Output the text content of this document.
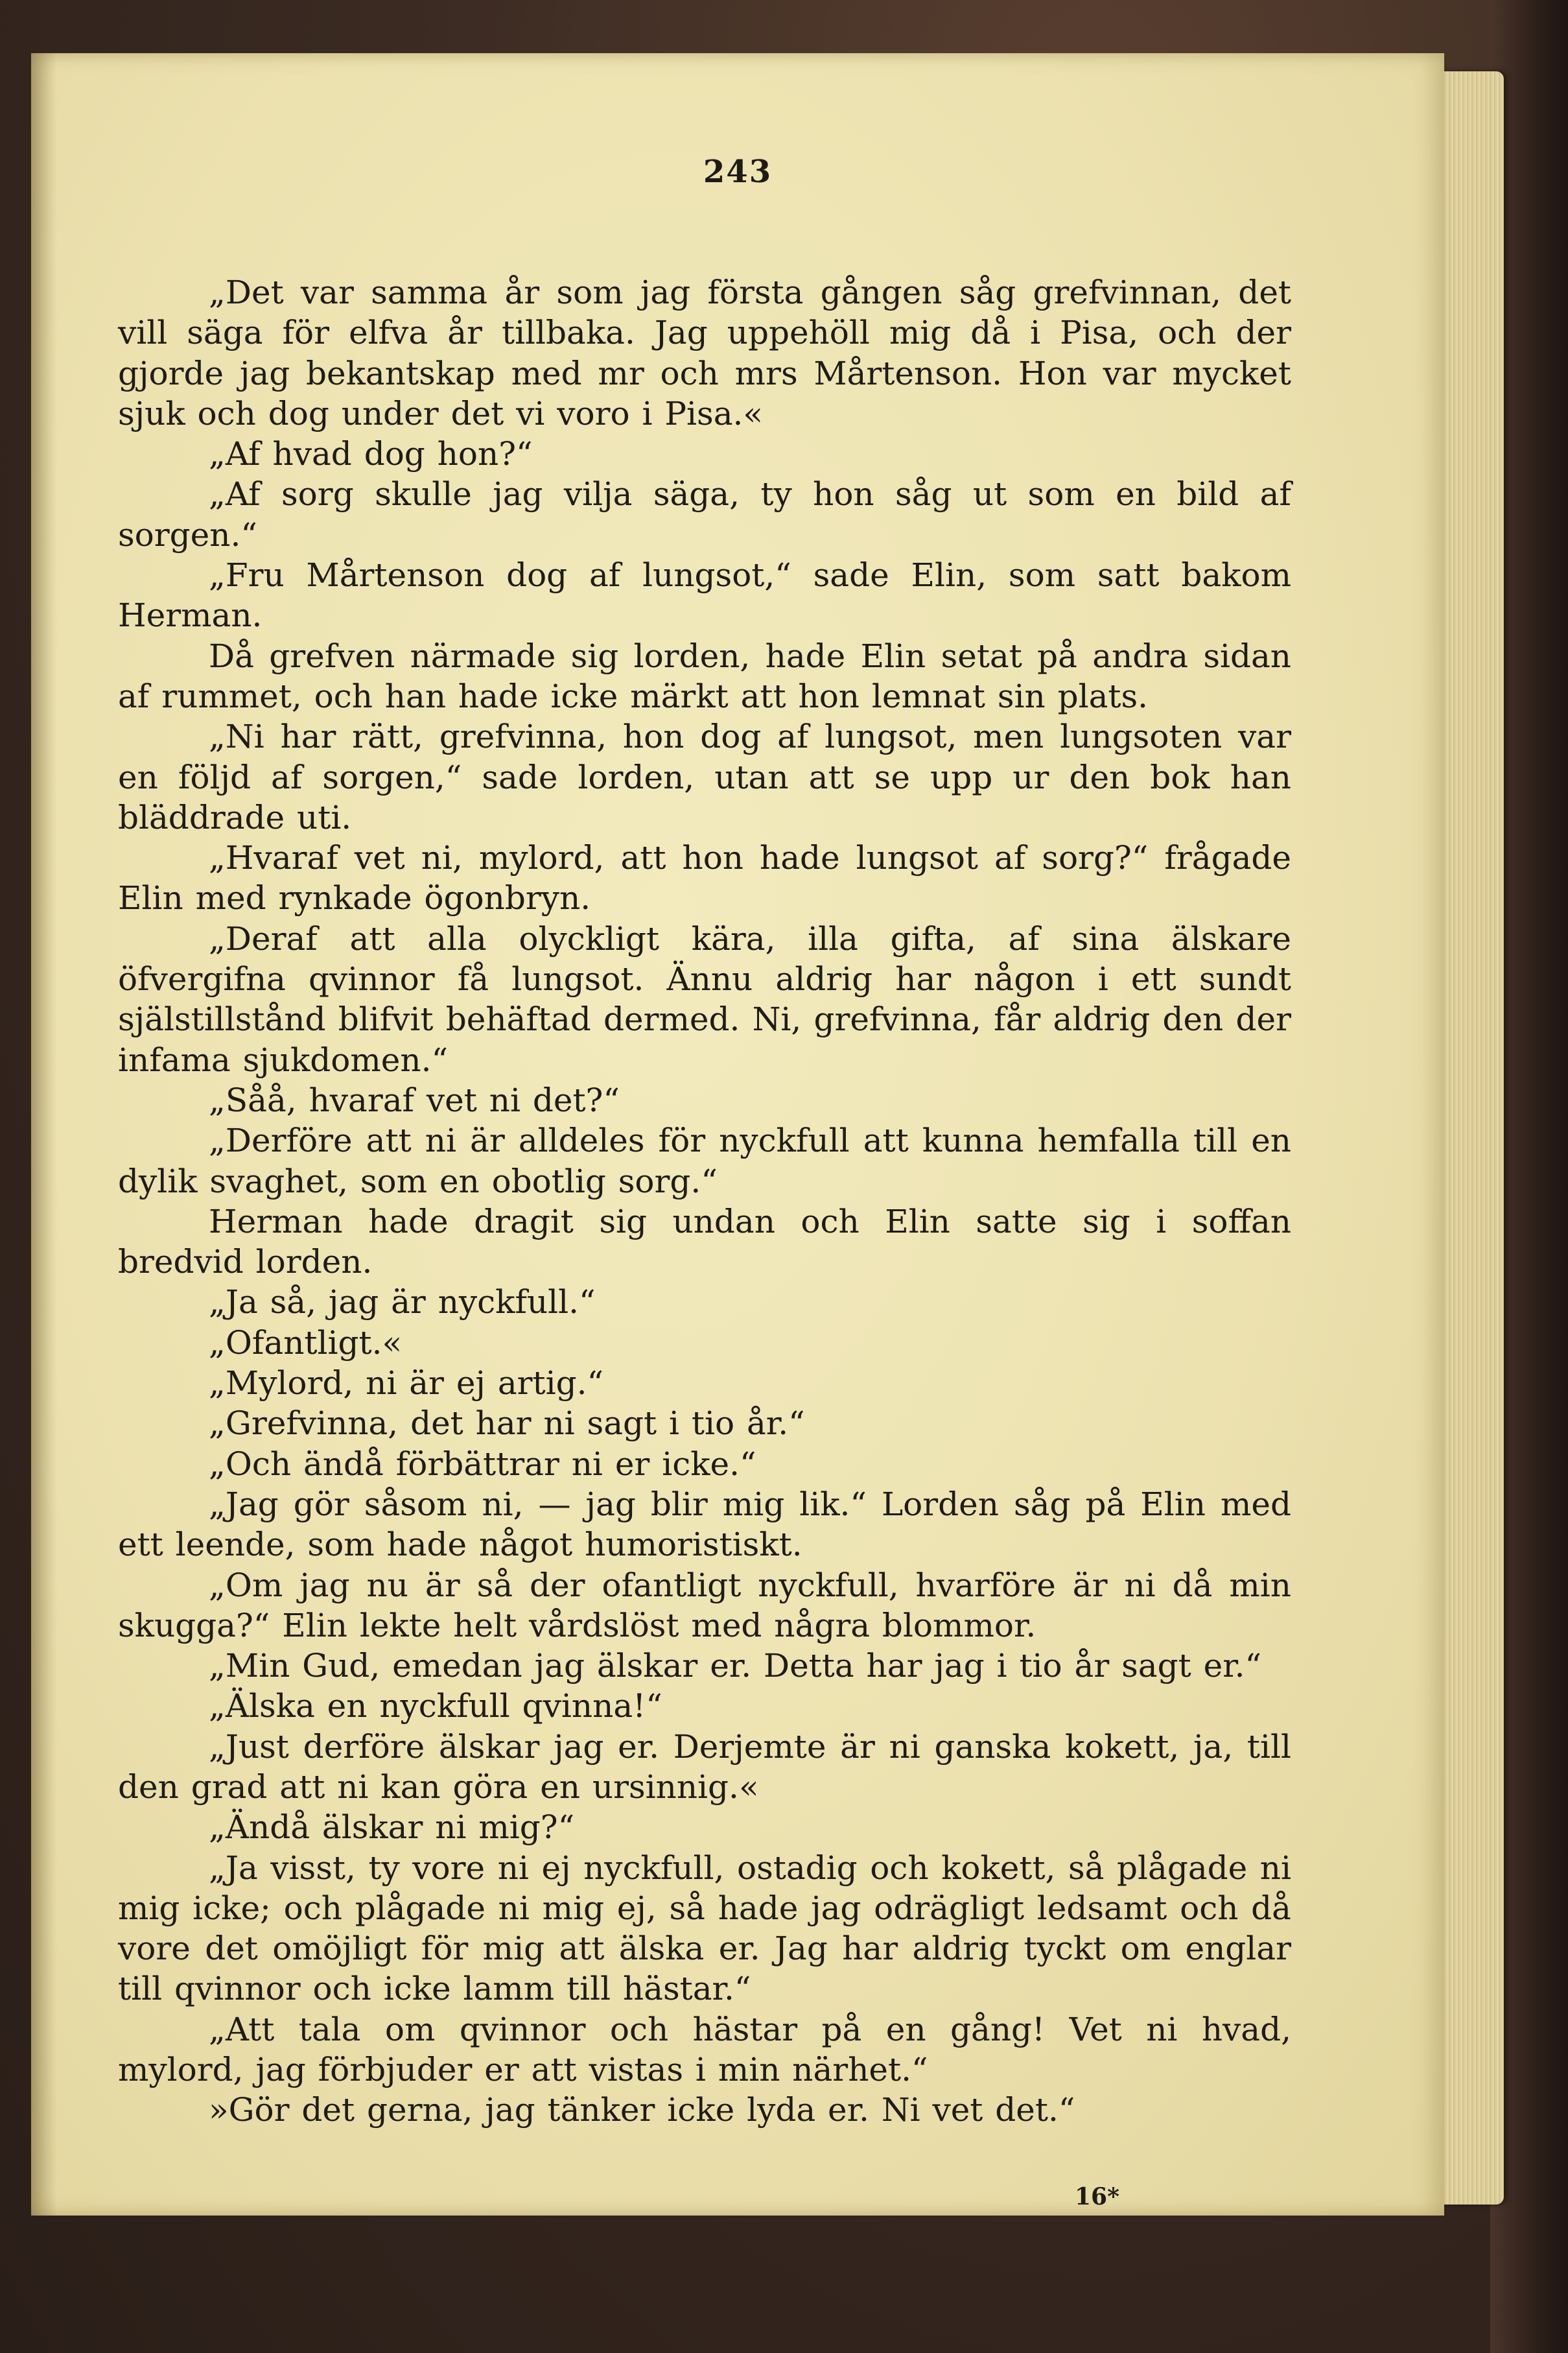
243

„Det var samma år som jag första gången såg grefvinnan, det vill säga för elfva år tillbaka. Jag uppehöll mig då i Pisa, och der gjorde jag bekantskap med mr och mrs Mårtenson. Hon var mycket sjuk och dog under det vi voro i Pisa.«

„Af hvad dog hon?“

„Af sorg skulle jag vilja säga, ty hon såg ut som en bild af sorgen.“

„Fru Mårtenson dog af lungsot,“ sade Elin, som satt bakom Herman.

Då grefven närmade sig lorden, hade Elin setat på andra sidan af rummet, och han hade icke märkt att hon lemnat sin plats.

„Ni har rätt, grefvinna, hon dog af lungsot, men lungsoten var en följd af sorgen,“ sade lorden, utan att se upp ur den bok han bläddrade uti.

„Hvaraf vet ni, mylord, att hon hade lungsot af sorg?“ frågade Elin med rynkade ögonbryn.

„Deraf att alla olyckligt kära, illa gifta, af sina älskare öfvergifna qvinnor få lungsot. Ännu aldrig har någon i ett sundt själstillstånd blifvit behäftad dermed. Ni, grefvinna, får aldrig den der infama sjukdomen.“

„Såå, hvaraf vet ni det?“

„Derföre att ni är alldeles för nyckfull att kunna hemfalla till en dylik svaghet, som en obotlig sorg.“

Herman hade dragit sig undan och Elin satte sig i soffan bredvid lorden.

„Ja så, jag är nyckfull.“

„Ofantligt.«

„Mylord, ni är ej artig.“

„Grefvinna, det har ni sagt i tio år.“

„Och ändå förbättrar ni er icke.“

„Jag gör såsom ni, — jag blir mig lik.“ Lorden såg på Elin med ett leende, som hade något humoristiskt.

„Om jag nu är så der ofantligt nyckfull, hvarföre är ni då min skugga?“ Elin lekte helt vårdslöst med några blommor.

„Min Gud, emedan jag älskar er. Detta har jag i tio år sagt er.“

„Älska en nyckfull qvinna!“

„Just derföre älskar jag er. Derjemte är ni ganska kokett, ja, till den grad att ni kan göra en ursinnig.«

„Ändå älskar ni mig?“

„Ja visst, ty vore ni ej nyckfull, ostadig och kokett, så plågade ni mig icke; och plågade ni mig ej, så hade jag odrägligt ledsamt och då vore det omöjligt för mig att älska er. Jag har aldrig tyckt om englar till qvinnor och icke lamm till hästar.“

„Att tala om qvinnor och hästar på en gång! Vet ni hvad, mylord, jag förbjuder er att vistas i min närhet.“

»Gör det gerna, jag tänker icke lyda er. Ni vet det.“

16*
